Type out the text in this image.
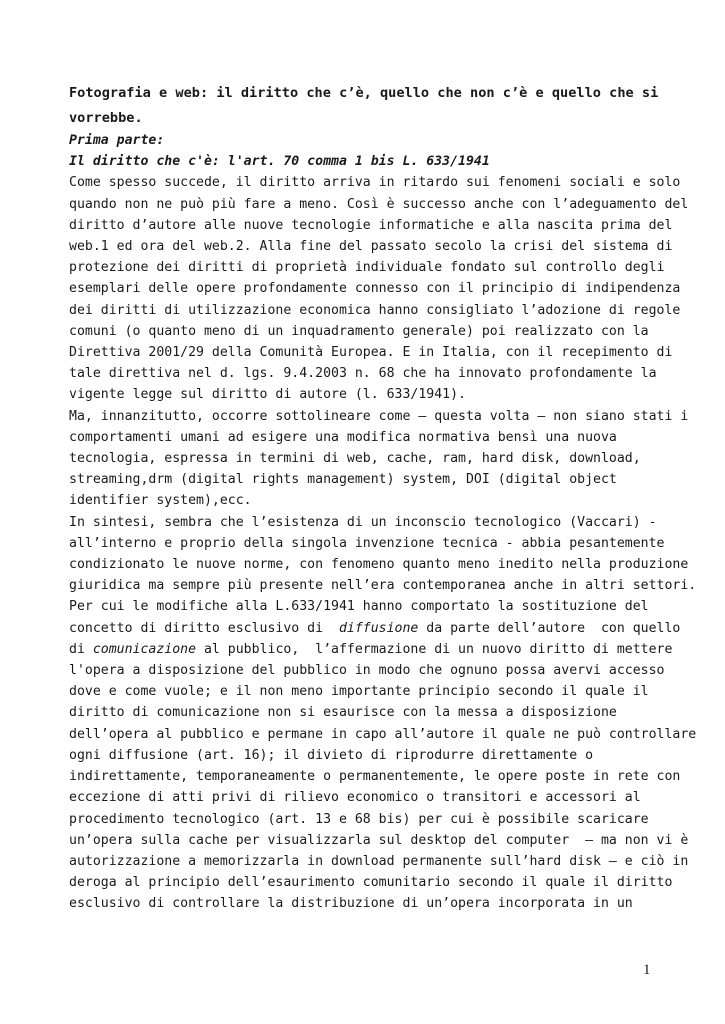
Fotografia e web: il diritto che c’è, quello che non c’è e quello che si
vorrebbe.
Prima parte:
Il diritto che c'è: l'art. 70 comma 1 bis L. 633/1941
Come spesso succede, il diritto arriva in ritardo sui fenomeni sociali e solo
quando non ne può più fare a meno. Così è successo anche con l’adeguamento del
diritto d’autore alle nuove tecnologie informatiche e alla nascita prima del
web.1 ed ora del web.2. Alla fine del passato secolo la crisi del sistema di
protezione dei diritti di proprietà individuale fondato sul controllo degli
esemplari delle opere profondamente connesso con il principio di indipendenza
dei diritti di utilizzazione economica hanno consigliato l’adozione di regole
comuni (o quanto meno di un inquadramento generale) poi realizzato con la
Direttiva 2001/29 della Comunità Europea. E in Italia, con il recepimento di
tale direttiva nel d. lgs. 9.4.2003 n. 68 che ha innovato profondamente la
vigente legge sul diritto di autore (l. 633/1941).
Ma, innanzitutto, occorre sottolineare come – questa volta – non siano stati i
comportamenti umani ad esigere una modifica normativa bensì una nuova
tecnologia, espressa in termini di web, cache, ram, hard disk, download,
streaming,drm (digital rights management) system, DOI (digital object
identifier system),ecc.
In sintesi, sembra che l’esistenza di un inconscio tecnologico (Vaccari) -
all’interno e proprio della singola invenzione tecnica - abbia pesantemente
condizionato le nuove norme, con fenomeno quanto meno inedito nella produzione
giuridica ma sempre più presente nell’era contemporanea anche in altri settori.
Per cui le modifiche alla L.633/1941 hanno comportato la sostituzione del
concetto di diritto esclusivo di  diffusione da parte dell’autore  con quello
di comunicazione al pubblico,  l’affermazione di un nuovo diritto di mettere
l'opera a disposizione del pubblico in modo che ognuno possa avervi accesso
dove e come vuole; e il non meno importante principio secondo il quale il
diritto di comunicazione non si esaurisce con la messa a disposizione
dell’opera al pubblico e permane in capo all’autore il quale ne può controllare
ogni diffusione (art. 16); il divieto di riprodurre direttamente o
indirettamente, temporaneamente o permanentemente, le opere poste in rete con
eccezione di atti privi di rilievo economico o transitori e accessori al
procedimento tecnologico (art. 13 e 68 bis) per cui è possibile scaricare
un’opera sulla cache per visualizzarla sul desktop del computer  – ma non vi è
autorizzazione a memorizzarla in download permanente sull’hard disk – e ciò in
deroga al principio dell’esaurimento comunitario secondo il quale il diritto
esclusivo di controllare la distribuzione di un’opera incorporata in un
1
